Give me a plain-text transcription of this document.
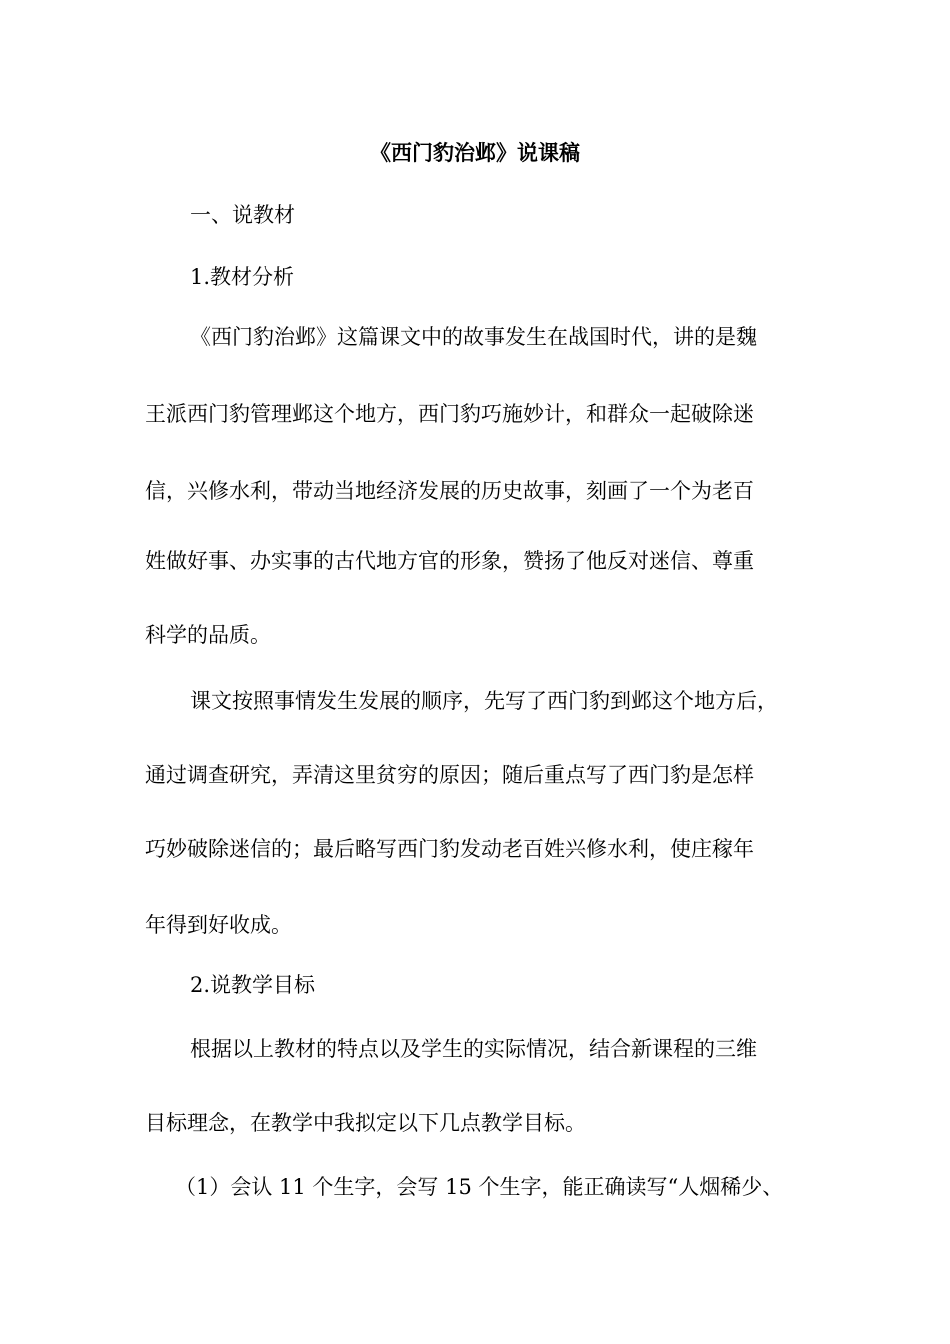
《西门豹治邺》说课稿
一、说教材
1.教材分析
《西门豹治邺》这篇课文中的故事发生在战国时代，讲的是魏
王派西门豹管理邺这个地方，西门豹巧施妙计，和群众一起破除迷
信，兴修水利，带动当地经济发展的历史故事，刻画了一个为老百
姓做好事、办实事的古代地方官的形象，赞扬了他反对迷信、尊重
科学的品质。
课文按照事情发生发展的顺序，先写了西门豹到邺这个地方后，
通过调查研究，弄清这里贫穷的原因；随后重点写了西门豹是怎样
巧妙破除迷信的；最后略写西门豹发动老百姓兴修水利，使庄稼年
年得到好收成。
2.说教学目标
根据以上教材的特点以及学生的实际情况，结合新课程的三维
目标理念，在教学中我拟定以下几点教学目标。
（1）会认 11 个生字，会写 15 个生字，能正确读写“人烟稀少、
